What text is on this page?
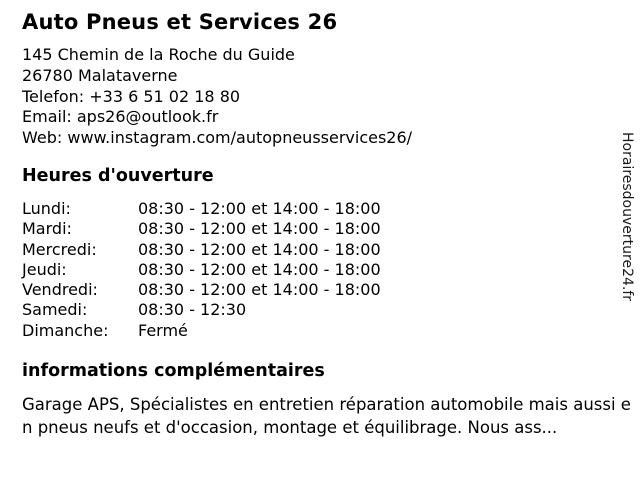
Auto Pneus et Services 26
145 Chemin de la Roche du Guide
26780 Malataverne
Telefon: +33 6 51 02 18 80
Email: aps26@outlook.fr
Web: www.instagram.com/autopneusservices26/
Heures d'ouverture
Lundi:	08:30 - 12:00 et 14:00 - 18:00
Mardi:	08:30 - 12:00 et 14:00 - 18:00
Mercredi:	08:30 - 12:00 et 14:00 - 18:00
Jeudi:	08:30 - 12:00 et 14:00 - 18:00
Vendredi:	08:30 - 12:00 et 14:00 - 18:00
Samedi:	08:30 - 12:30
Dimanche:	Fermé
informations complémentaires

Garage APS, Spécialistes en entretien réparation automobile mais aussi en pneus neufs et d'occasion, montage et équilibrage. Nous ass...

Horairesdouverture24.fr
